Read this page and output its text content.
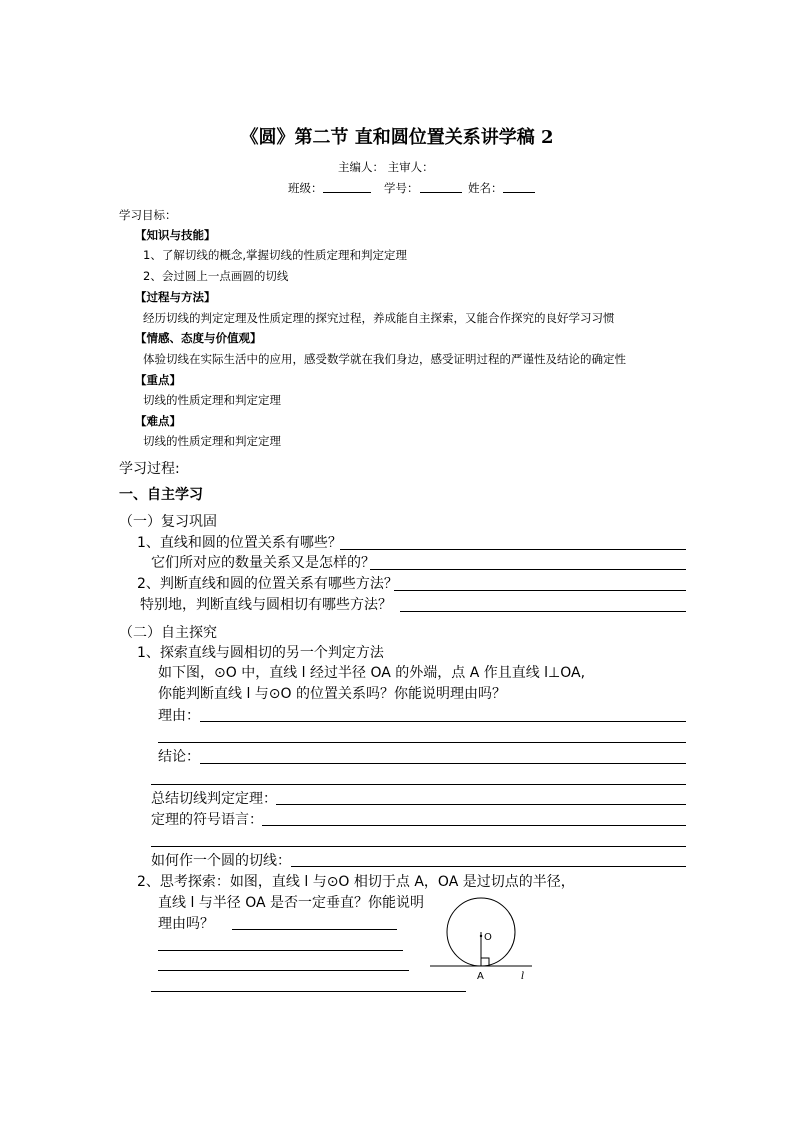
《圆》第二节 直和圆位置关系讲学稿 2
主编人： 主审人：
班级：	学号：	姓名：
学习目标：
【知识与技能】
1、了解切线的概念,掌握切线的性质定理和判定定理
2、会过圆上一点画圆的切线
【过程与方法】
经历切线的判定定理及性质定理的探究过程，养成能自主探索，又能合作探究的良好学习习惯
【情感、态度与价值观】
体验切线在实际生活中的应用，感受数学就在我们身边，感受证明过程的严谨性及结论的确定性
【重点】
切线的性质定理和判定定理
【难点】
切线的性质定理和判定定理
学习过程:
一、自主学习
（一）复习巩固
1、直线和圆的位置关系有哪些？
它们所对应的数量关系又是怎样的？
2、判断直线和圆的位置关系有哪些方法？
特别地，判断直线与圆相切有哪些方法？
（二）自主探究
1、探索直线与圆相切的另一个判定方法
如下图，⊙O 中，直线 l 经过半径 OA 的外端，点 A 作且直线 l⊥OA,
你能判断直线 l 与⊙O 的位置关系吗？你能说明理由吗？
理由：
结论：
总结切线判定定理：
定理的符号语言：
如何作一个圆的切线：
2、思考探索：如图，直线 l 与⊙O 相切于点 A，OA 是过切点的半径，
直线 l 与半径 OA 是否一定垂直？你能说明
理由吗？
O
A	l
